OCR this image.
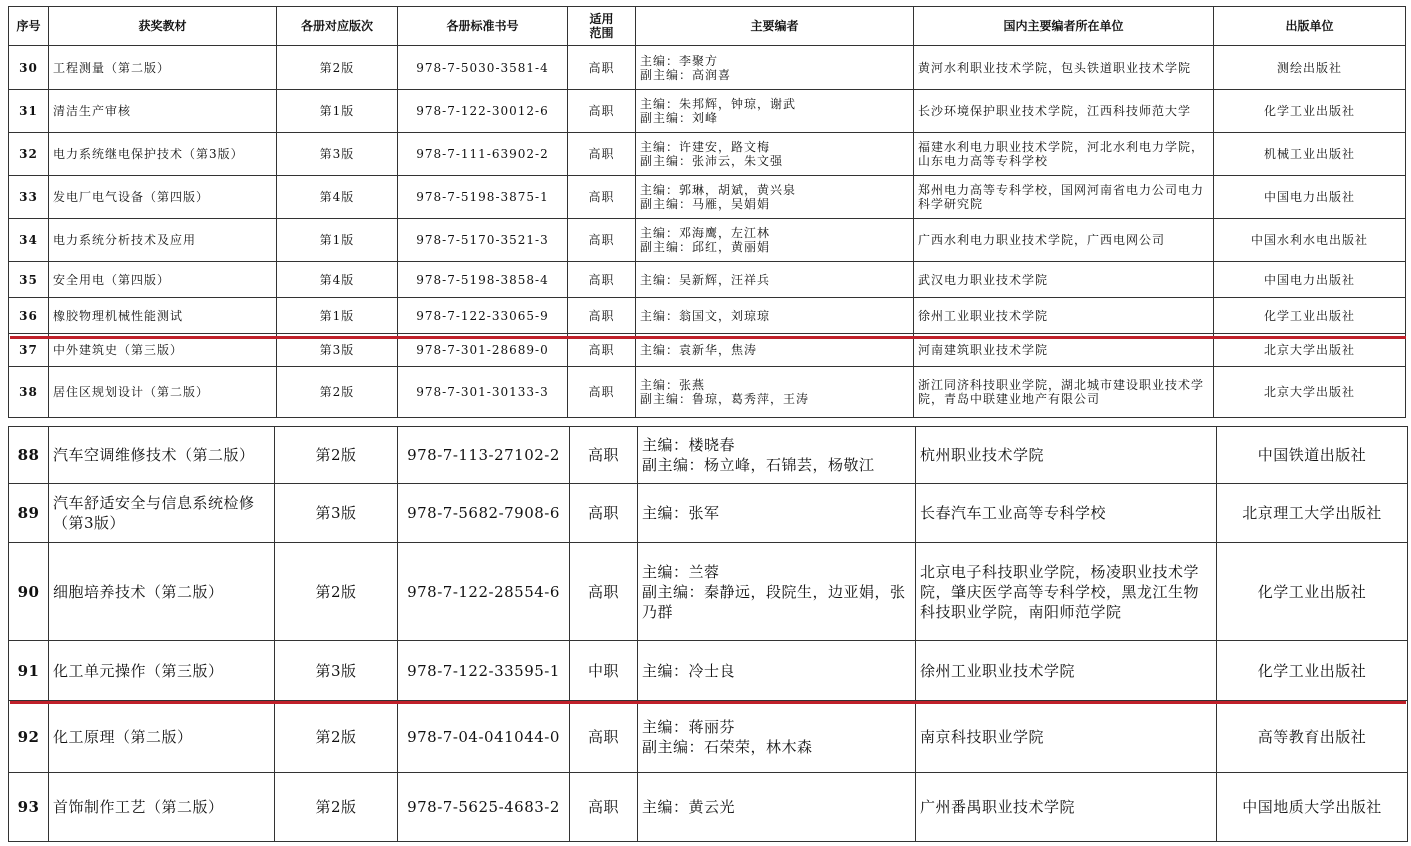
序号	获奖教材	各册对应版次	各册标准书号	适用
范围	主要编者	国内主要编者所在单位	出版单位
30	工程测量（第二版）	第2版	978-7-5030-3581-4	高职	主编：李聚方
副主编：高润喜	黄河水利职业技术学院，包头铁道职业技术学院	测绘出版社
31	清洁生产审核	第1版	978-7-122-30012-6	高职	主编：朱邦辉，钟琼，谢武
副主编：刘峰	长沙环境保护职业技术学院，江西科技师范大学	化学工业出版社
32	电力系统继电保护技术（第3版）	第3版	978-7-111-63902-2	高职	主编：许建安，路文梅
副主编：张沛云，朱文强	福建水利电力职业技术学院，河北水利电力学院，山东电力高等专科学校	机械工业出版社
33	发电厂电气设备（第四版）	第4版	978-7-5198-3875-1	高职	主编：郭琳，胡斌，黄兴泉
副主编：马雁，吴娟娟	郑州电力高等专科学校，国网河南省电力公司电力科学研究院	中国电力出版社
34	电力系统分析技术及应用	第1版	978-7-5170-3521-3	高职	主编：邓海鹰，左江林
副主编：邱红，黄丽娟	广西水利电力职业技术学院，广西电网公司	中国水利水电出版社
35	安全用电（第四版）	第4版	978-7-5198-3858-4	高职	主编：吴新辉，汪祥兵	武汉电力职业技术学院	中国电力出版社
36	橡胶物理机械性能测试	第1版	978-7-122-33065-9	高职	主编：翁国文，刘琼琼	徐州工业职业技术学院	化学工业出版社
37	中外建筑史（第三版）	第3版	978-7-301-28689-0	高职	主编：袁新华，焦涛	河南建筑职业技术学院	北京大学出版社
38	居住区规划设计（第二版）	第2版	978-7-301-30133-3	高职	主编：张燕
副主编：鲁琼，葛秀萍，王涛	浙江同济科技职业学院，湖北城市建设职业技术学院，青岛中联建业地产有限公司	北京大学出版社
88	汽车空调维修技术（第二版）	第2版	978-7-113-27102-2	高职	主编：楼晓春
副主编：杨立峰，石锦芸，杨敬江	杭州职业技术学院	中国铁道出版社
89	汽车舒适安全与信息系统检修（第3版）	第3版	978-7-5682-7908-6	高职	主编：张军	长春汽车工业高等专科学校	北京理工大学出版社
90	细胞培养技术（第二版）	第2版	978-7-122-28554-6	高职	主编：兰蓉
副主编：秦静远，段院生，边亚娟，张乃群	北京电子科技职业学院，杨凌职业技术学院，肇庆医学高等专科学校，黑龙江生物科技职业学院，南阳师范学院	化学工业出版社
91	化工单元操作（第三版）	第3版	978-7-122-33595-1	中职	主编：冷士良	徐州工业职业技术学院	化学工业出版社
92	化工原理（第二版）	第2版	978-7-04-041044-0	高职	主编：蒋丽芬
副主编：石荣荣，林木森	南京科技职业学院	高等教育出版社
93	首饰制作工艺（第二版）	第2版	978-7-5625-4683-2	高职	主编：黄云光	广州番禺职业技术学院	中国地质大学出版社
